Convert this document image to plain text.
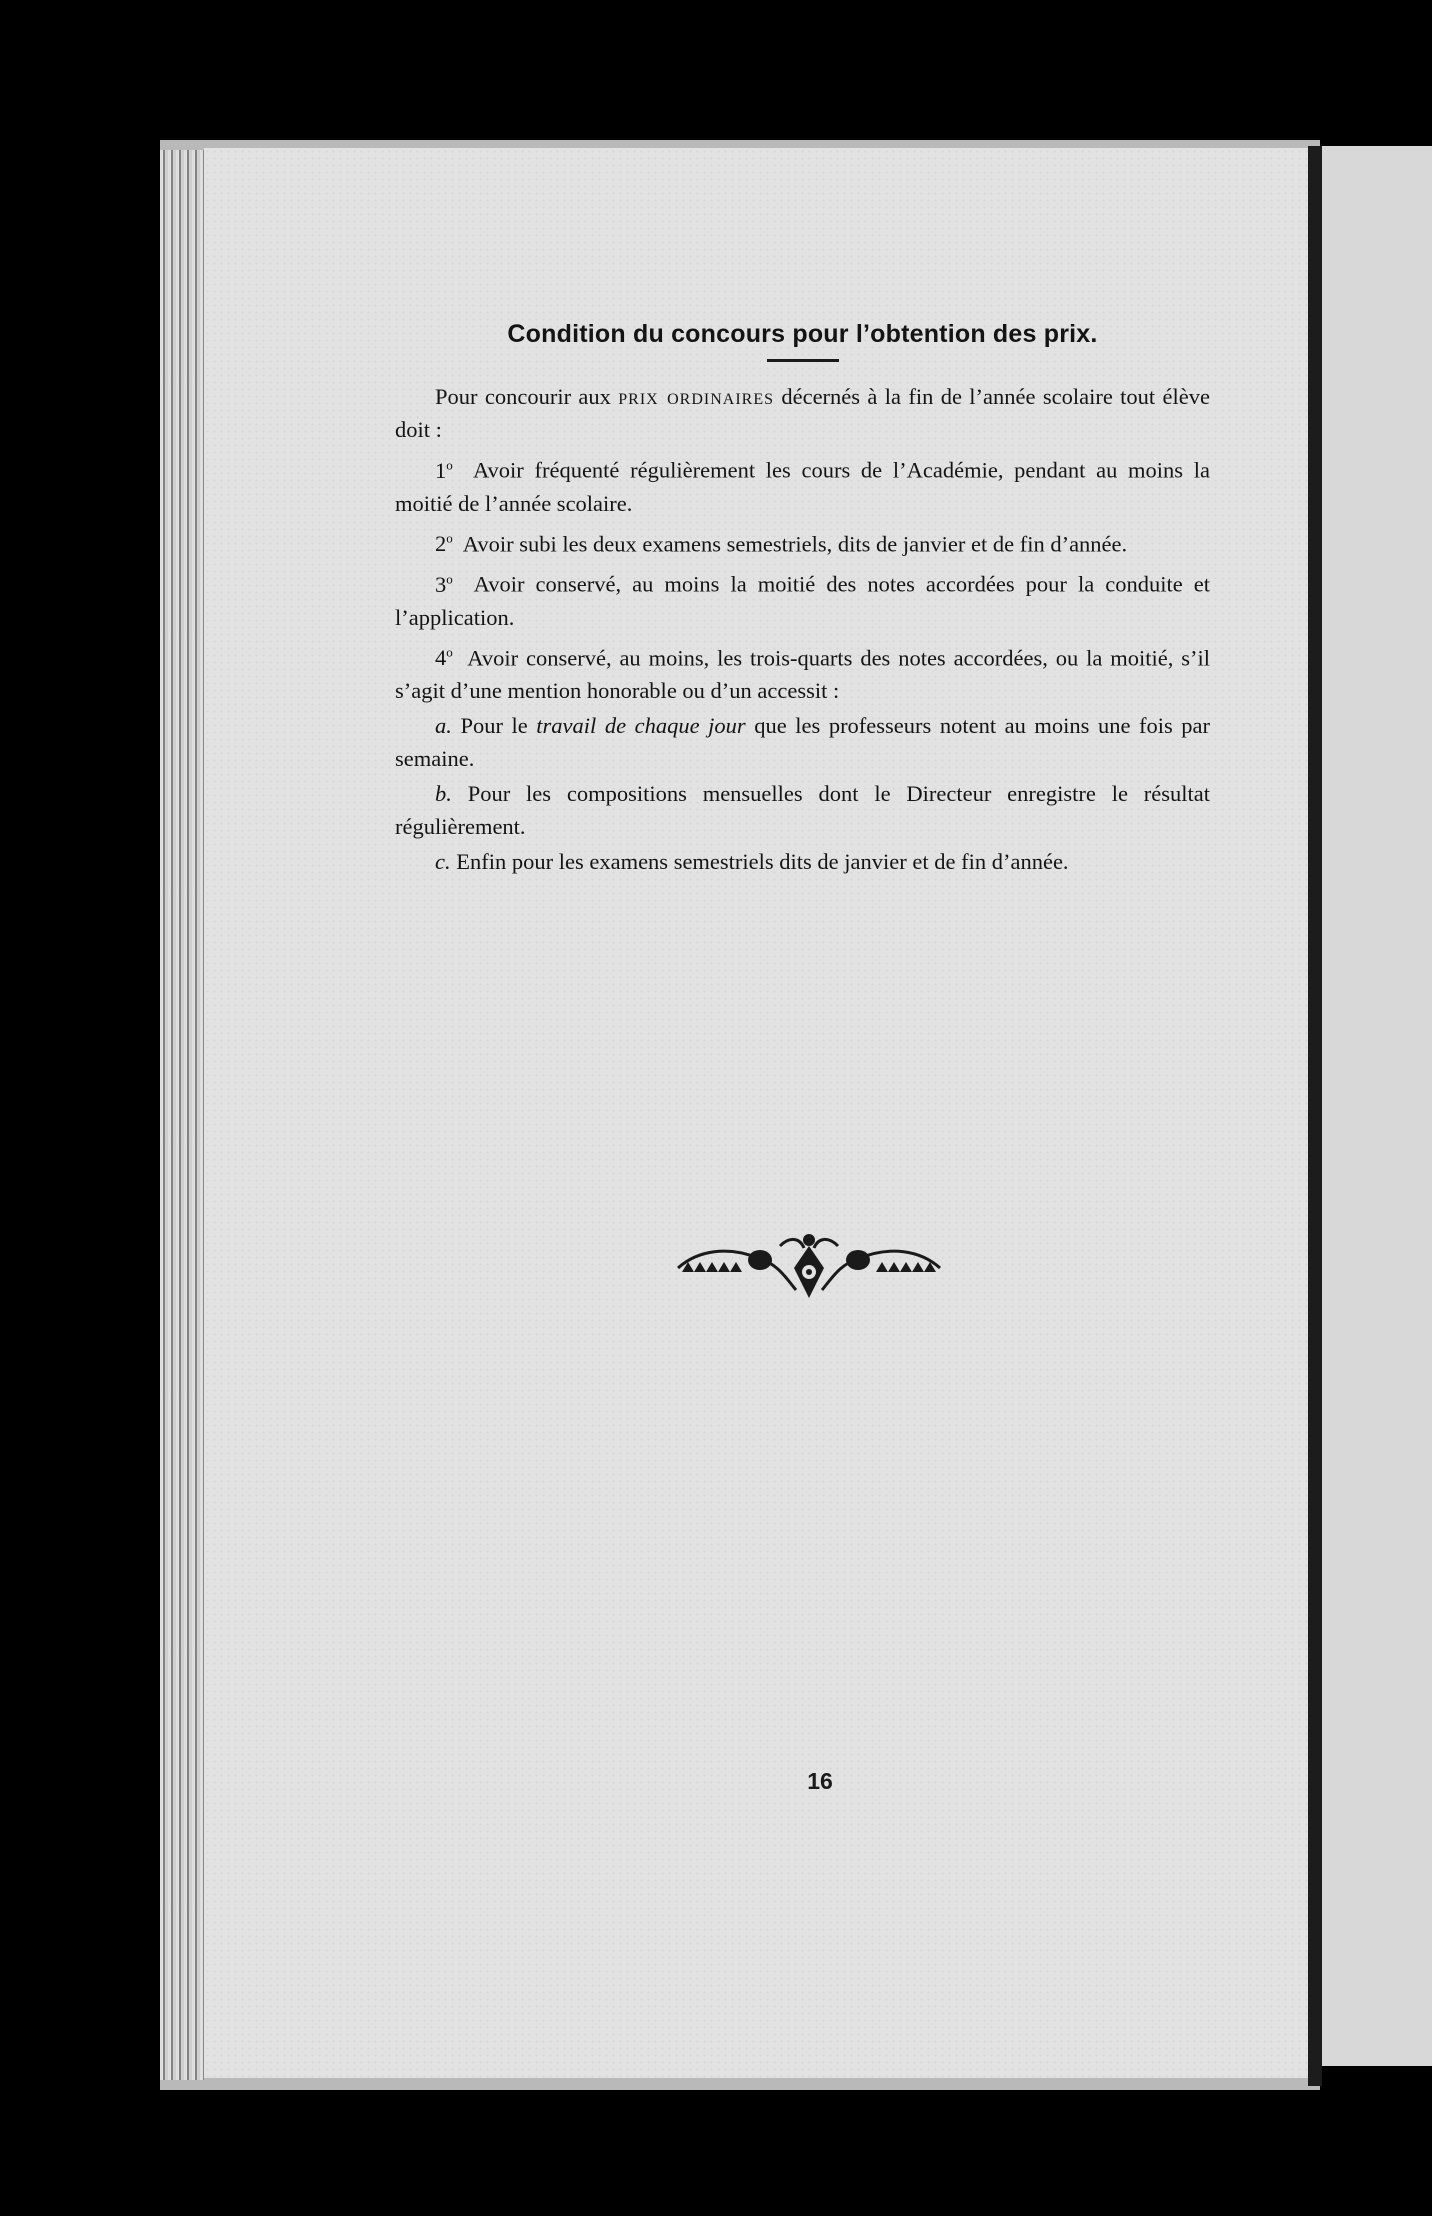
Condition du concours pour l’obtention des prix.

Pour concourir aux prix ordinaires décernés à la fin de l’année scolaire tout élève doit :

1$^o$ Avoir fréquenté régulièrement les cours de l’Académie, pendant au moins la moitié de l’année scolaire.

2$^o$ Avoir subi les deux examens semestriels, dits de janvier et de fin d’année.

3$^o$ Avoir conservé, au moins la moitié des notes accordées pour la conduite et l’application.

4$^o$ Avoir conservé, au moins, les trois-quarts des notes accordées, ou la moitié, s’il s’agit d’une mention honorable ou d’un accessit :

a. Pour le travail de chaque jour que les professeurs notent au moins une fois par semaine.

b. Pour les compositions mensuelles dont le Directeur enregistre le résultat régulièrement.

c. Enfin pour les examens semestriels dits de janvier et de fin d’année.

16
